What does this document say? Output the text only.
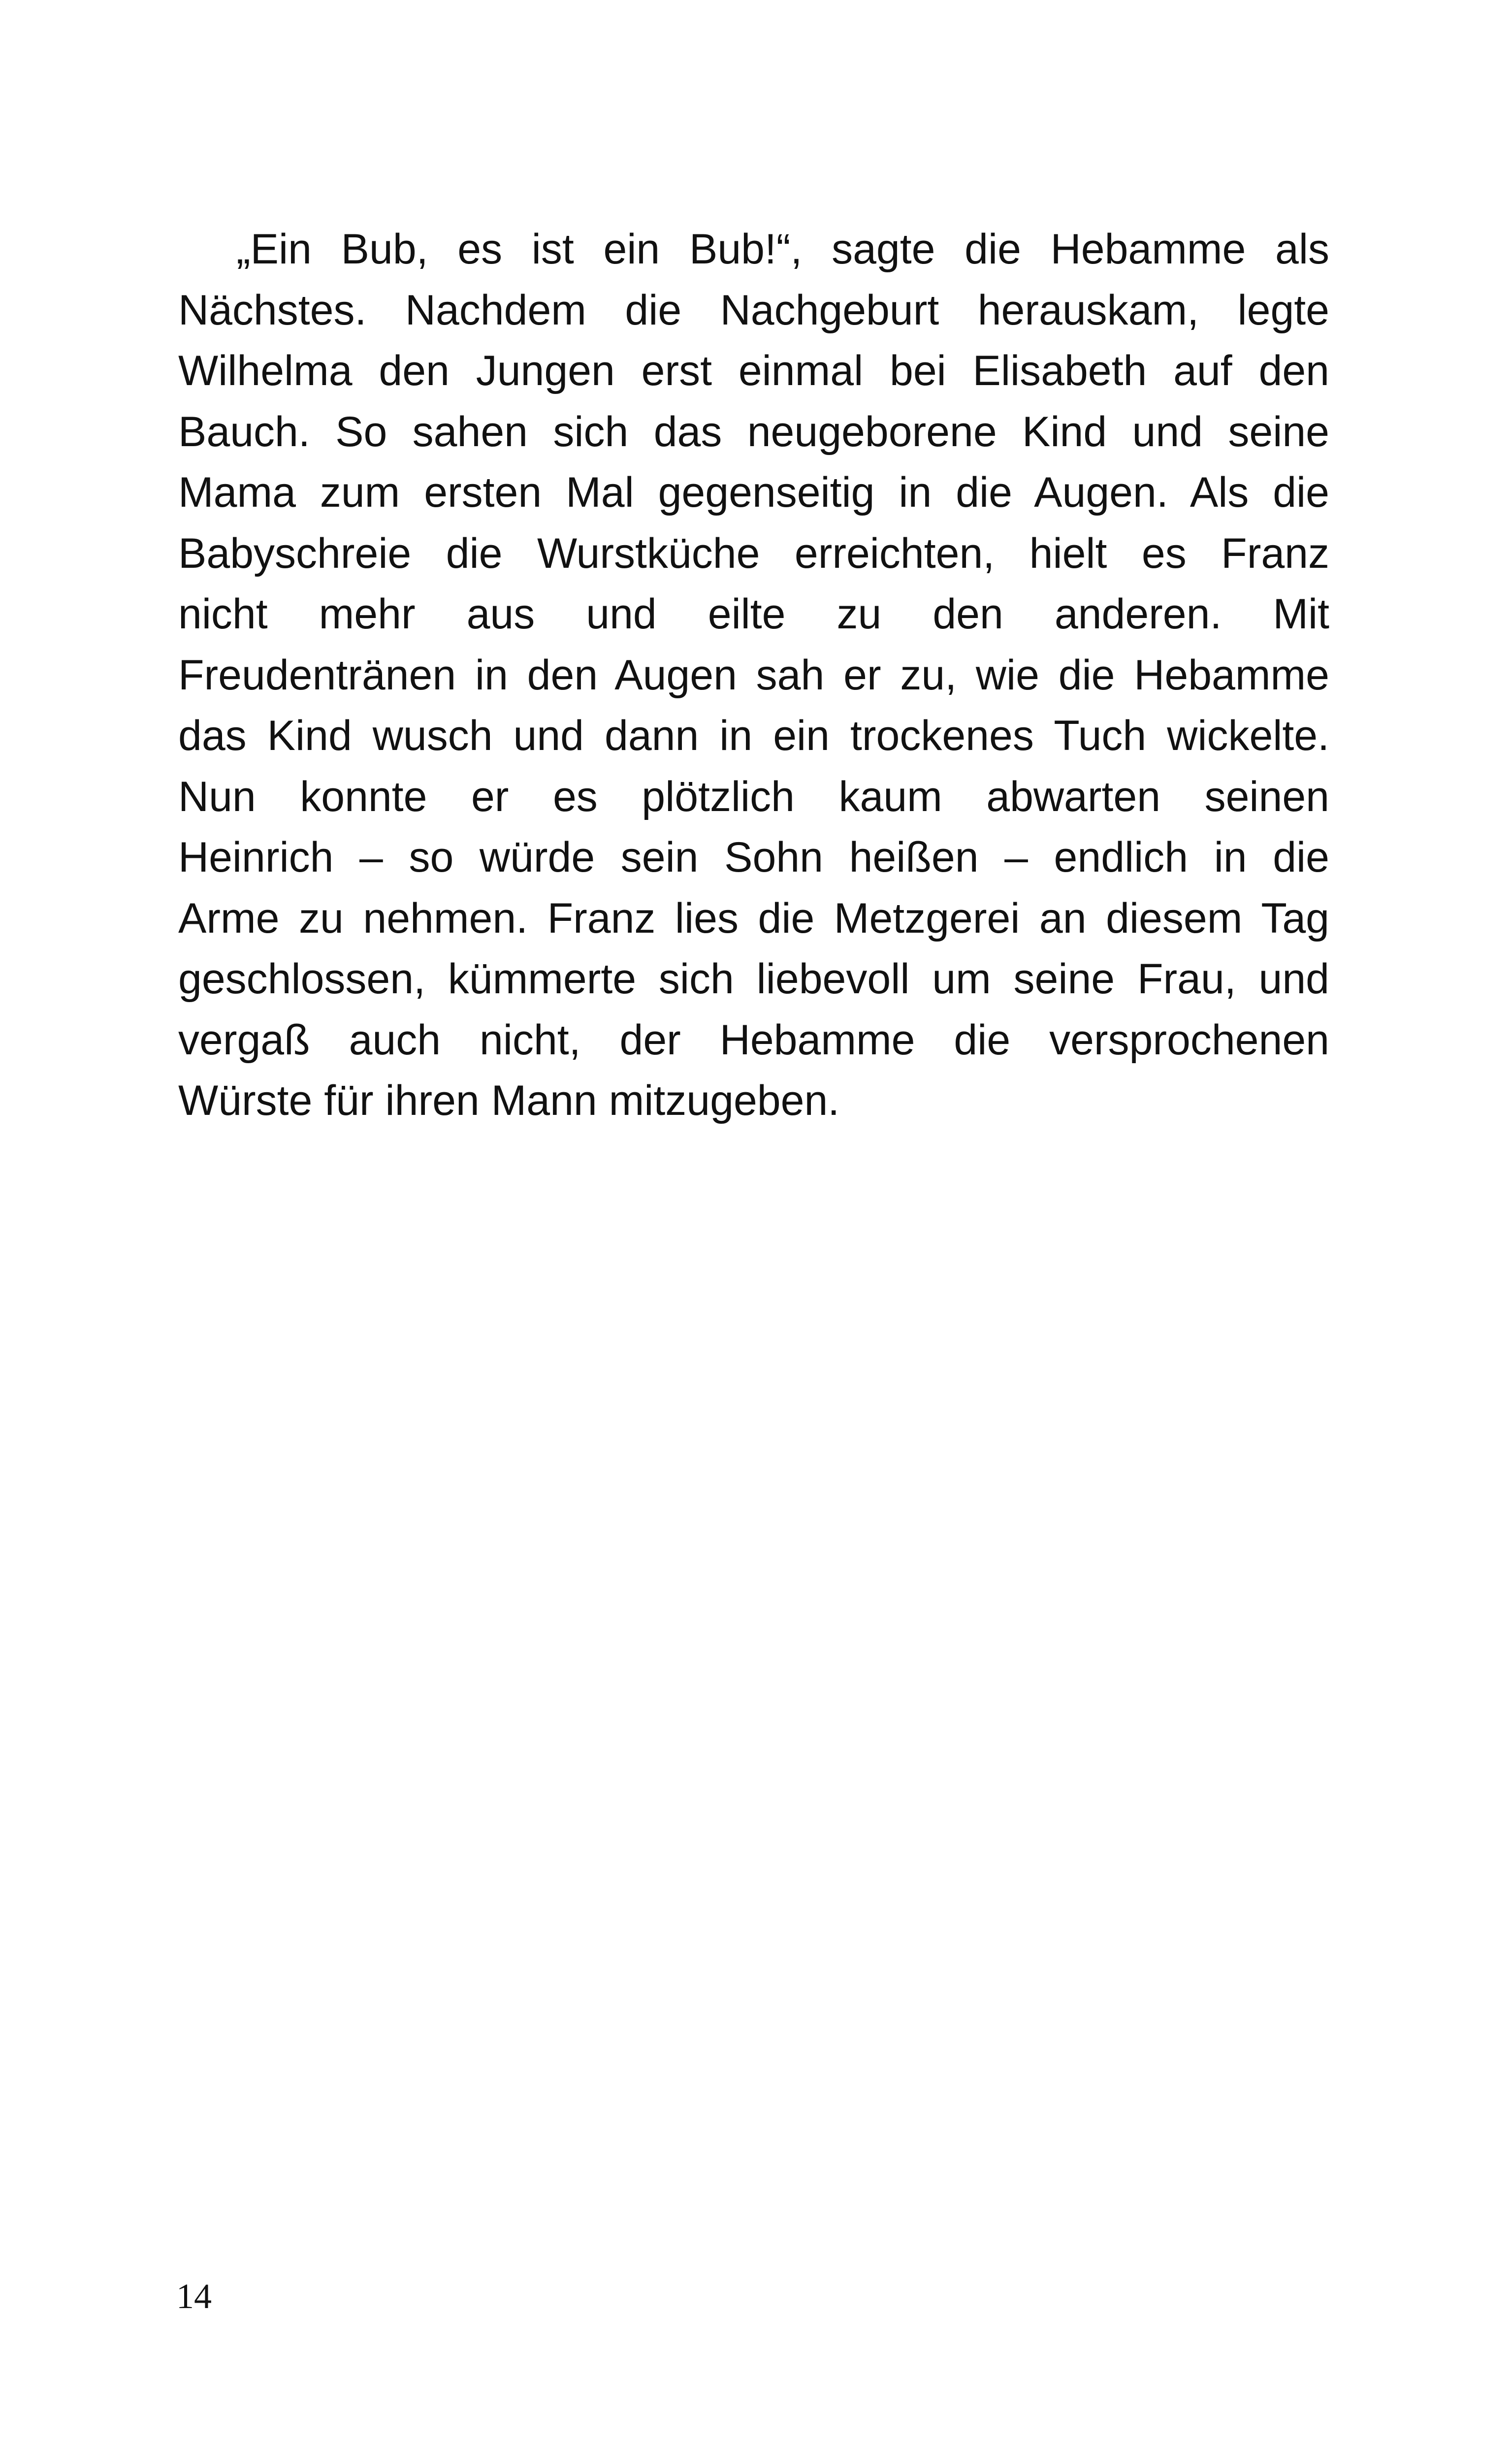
„Ein Bub, es ist ein Bub!“, sagte die Hebamme als
Nächstes. Nachdem die Nachgeburt herauskam, legte
Wilhelma den Jungen erst einmal bei Elisabeth auf den
Bauch. So sahen sich das neugeborene Kind und seine
Mama zum ersten Mal gegenseitig in die Augen. Als die
Babyschreie die Wurstküche erreichten, hielt es Franz
nicht mehr aus und eilte zu den anderen. Mit
Freudentränen in den Augen sah er zu, wie die Hebamme
das Kind wusch und dann in ein trockenes Tuch wickelte.
Nun konnte er es plötzlich kaum abwarten seinen
Heinrich – so würde sein Sohn heißen – endlich in die
Arme zu nehmen. Franz lies die Metzgerei an diesem Tag
geschlossen, kümmerte sich liebevoll um seine Frau, und
vergaß auch nicht, der Hebamme die versprochenen
Würste für ihren Mann mitzugeben.
14
